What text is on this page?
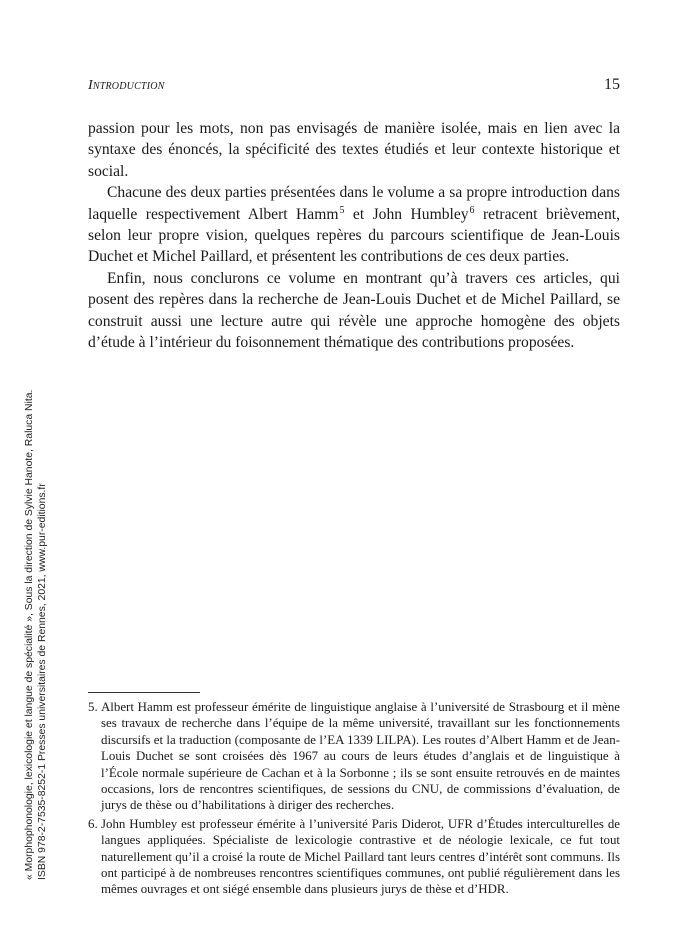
Introduction	15

passion pour les mots, non pas envisagés de manière isolée, mais en lien avec la syntaxe des énoncés, la spécificité des textes étudiés et leur contexte historique et social.

Chacune des deux parties présentées dans le volume a sa propre introduction dans laquelle respectivement Albert Hamm$^5$ et John Humbley$^6$ retracent brièvement, selon leur propre vision, quelques repères du parcours scientifique de Jean-Louis Duchet et Michel Paillard, et présentent les contributions de ces deux parties.

Enfin, nous conclurons ce volume en montrant qu’à travers ces articles, qui posent des repères dans la recherche de Jean-Louis Duchet et de Michel Paillard, se construit aussi une lecture autre qui révèle une approche homogène des objets d’étude à l’intérieur du foisonnement thématique des contributions proposées.

5. Albert Hamm est professeur émérite de linguistique anglaise à l’université de Strasbourg et il mène ses travaux de recherche dans l’équipe de la même université, travaillant sur les fonctionnements discursifs et la traduction (composante de l’EA 1339 LILPA). Les routes d’Albert Hamm et de Jean-Louis Duchet se sont croisées dès 1967 au cours de leurs études d’anglais et de linguistique à l’École normale supérieure de Cachan et à la Sorbonne ; ils se sont ensuite retrouvés en de maintes occasions, lors de rencontres scientifiques, de sessions du CNU, de commissions d’évaluation, de jurys de thèse ou d’habilitations à diriger des recherches.
6. John Humbley est professeur émérite à l’université Paris Diderot, UFR d’Études interculturelles de langues appliquées. Spécialiste de lexicologie contrastive et de néologie lexicale, ce fut tout naturellement qu’il a croisé la route de Michel Paillard tant leurs centres d’intérêt sont communs. Ils ont participé à de nombreuses rencontres scientifiques communes, ont publié régulièrement dans les mêmes ouvrages et ont siégé ensemble dans plusieurs jurys de thèse et d’HDR.
« Morphophonologie, lexicologie et langue de spécialité », Sous la direction de Sylvie Hanote, Raluca Nita. ISBN 978-2-7535-8252-1 Presses universitaires de Rennes, 2021, www.pur-editions.fr
